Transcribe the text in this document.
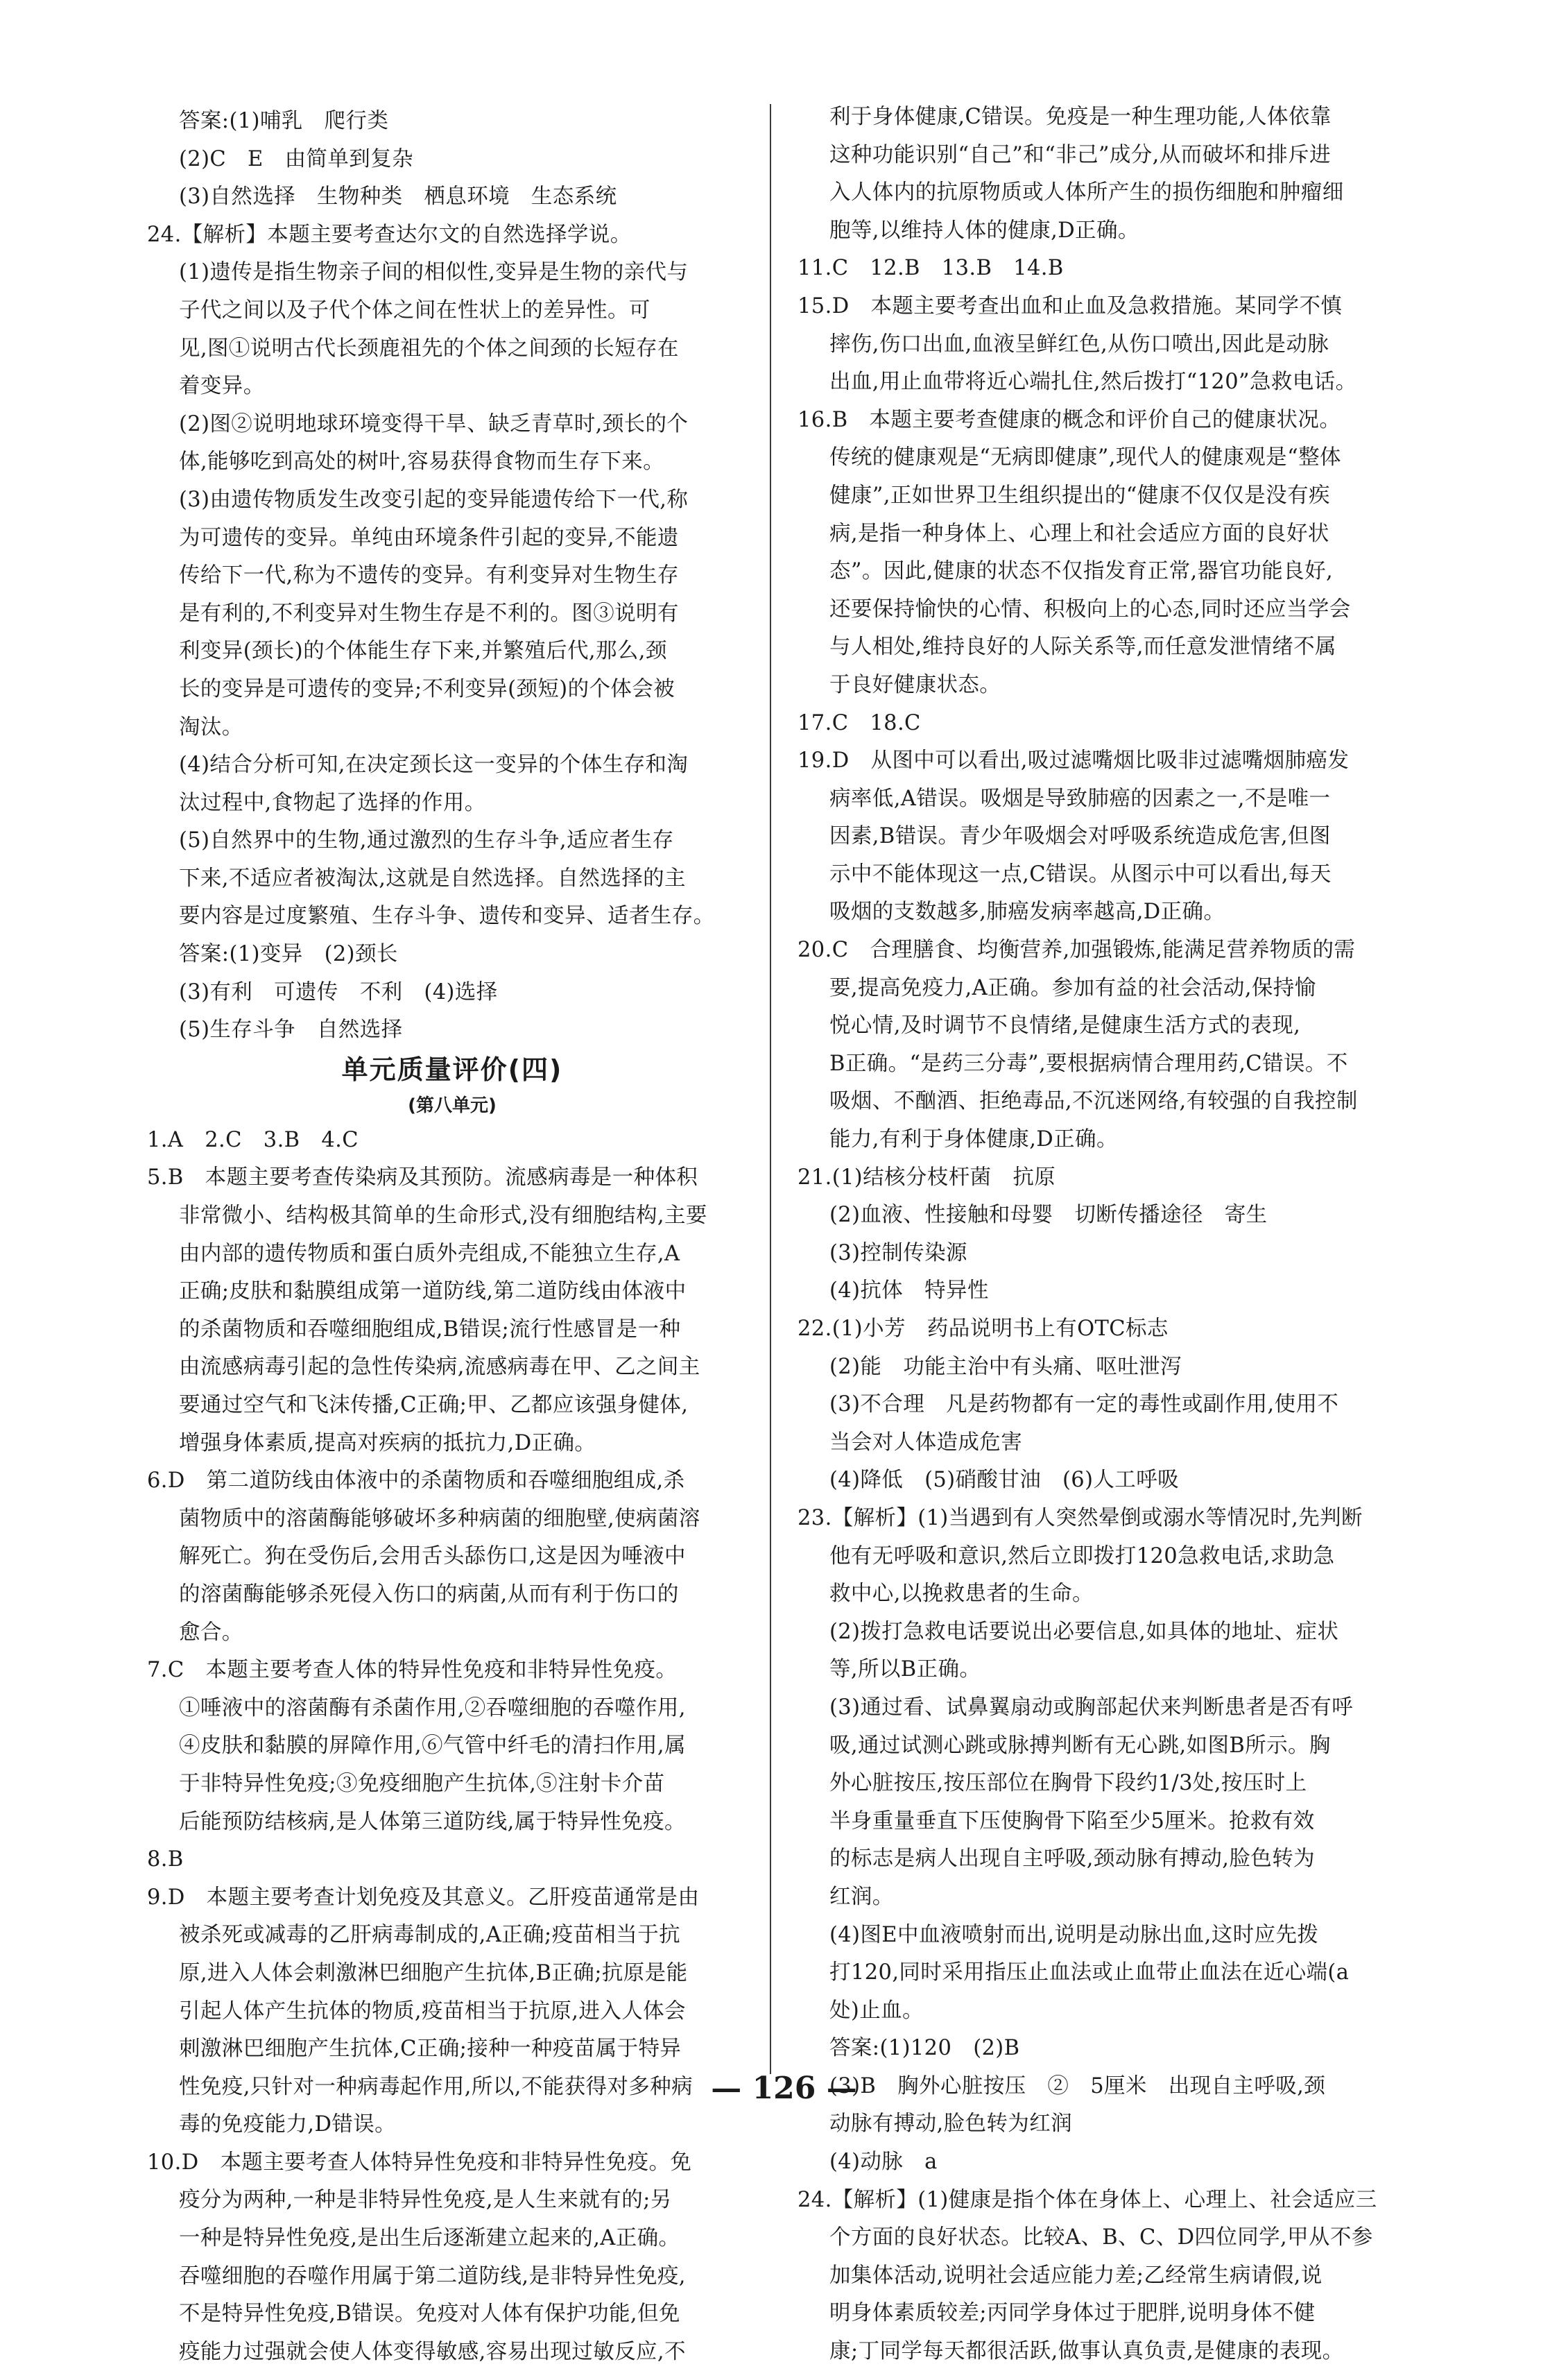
答案:(1)哺乳　爬行类
(2)C　E　由简单到复杂
(3)自然选择　生物种类　栖息环境　生态系统
24.【解析】本题主要考查达尔文的自然选择学说。
(1)遗传是指生物亲子间的相似性,变异是生物的亲代与
子代之间以及子代个体之间在性状上的差异性。可
见,图①说明古代长颈鹿祖先的个体之间颈的长短存在
着变异。
(2)图②说明地球环境变得干旱、缺乏青草时,颈长的个
体,能够吃到高处的树叶,容易获得食物而生存下来。
(3)由遗传物质发生改变引起的变异能遗传给下一代,称
为可遗传的变异。单纯由环境条件引起的变异,不能遗
传给下一代,称为不遗传的变异。有利变异对生物生存
是有利的,不利变异对生物生存是不利的。图③说明有
利变异(颈长)的个体能生存下来,并繁殖后代,那么,颈
长的变异是可遗传的变异;不利变异(颈短)的个体会被
淘汰。
(4)结合分析可知,在决定颈长这一变异的个体生存和淘
汰过程中,食物起了选择的作用。
(5)自然界中的生物,通过激烈的生存斗争,适应者生存
下来,不适应者被淘汰,这就是自然选择。自然选择的主
要内容是过度繁殖、生存斗争、遗传和变异、适者生存。
答案:(1)变异　(2)颈长
(3)有利　可遗传　不利　(4)选择
(5)生存斗争　自然选择
单元质量评价(四)
(第八单元)
1.A　2.C　3.B　4.C
5.B　本题主要考查传染病及其预防。流感病毒是一种体积
非常微小、结构极其简单的生命形式,没有细胞结构,主要
由内部的遗传物质和蛋白质外壳组成,不能独立生存,A
正确;皮肤和黏膜组成第一道防线,第二道防线由体液中
的杀菌物质和吞噬细胞组成,B错误;流行性感冒是一种
由流感病毒引起的急性传染病,流感病毒在甲、乙之间主
要通过空气和飞沫传播,C正确;甲、乙都应该强身健体,
增强身体素质,提高对疾病的抵抗力,D正确。
6.D　第二道防线由体液中的杀菌物质和吞噬细胞组成,杀
菌物质中的溶菌酶能够破坏多种病菌的细胞壁,使病菌溶
解死亡。狗在受伤后,会用舌头舔伤口,这是因为唾液中
的溶菌酶能够杀死侵入伤口的病菌,从而有利于伤口的
愈合。
7.C　本题主要考查人体的特异性免疫和非特异性免疫。
①唾液中的溶菌酶有杀菌作用,②吞噬细胞的吞噬作用,
④皮肤和黏膜的屏障作用,⑥气管中纤毛的清扫作用,属
于非特异性免疫;③免疫细胞产生抗体,⑤注射卡介苗
后能预防结核病,是人体第三道防线,属于特异性免疫。
8.B
9.D　本题主要考查计划免疫及其意义。乙肝疫苗通常是由
被杀死或减毒的乙肝病毒制成的,A正确;疫苗相当于抗
原,进入人体会刺激淋巴细胞产生抗体,B正确;抗原是能
引起人体产生抗体的物质,疫苗相当于抗原,进入人体会
刺激淋巴细胞产生抗体,C正确;接种一种疫苗属于特异
性免疫,只针对一种病毒起作用,所以,不能获得对多种病
毒的免疫能力,D错误。
10.D　本题主要考查人体特异性免疫和非特异性免疫。免
疫分为两种,一种是非特异性免疫,是人生来就有的;另
一种是特异性免疫,是出生后逐渐建立起来的,A正确。
吞噬细胞的吞噬作用属于第二道防线,是非特异性免疫,
不是特异性免疫,B错误。免疫对人体有保护功能,但免
疫能力过强就会使人体变得敏感,容易出现过敏反应,不
利于身体健康,C错误。免疫是一种生理功能,人体依靠
这种功能识别“自己”和“非己”成分,从而破坏和排斥进
入人体内的抗原物质或人体所产生的损伤细胞和肿瘤细
胞等,以维持人体的健康,D正确。
11.C　12.B　13.B　14.B
15.D　本题主要考查出血和止血及急救措施。某同学不慎
摔伤,伤口出血,血液呈鲜红色,从伤口喷出,因此是动脉
出血,用止血带将近心端扎住,然后拨打“120”急救电话。
16.B　本题主要考查健康的概念和评价自己的健康状况。
传统的健康观是“无病即健康”,现代人的健康观是“整体
健康”,正如世界卫生组织提出的“健康不仅仅是没有疾
病,是指一种身体上、心理上和社会适应方面的良好状
态”。因此,健康的状态不仅指发育正常,器官功能良好,
还要保持愉快的心情、积极向上的心态,同时还应当学会
与人相处,维持良好的人际关系等,而任意发泄情绪不属
于良好健康状态。
17.C　18.C
19.D　从图中可以看出,吸过滤嘴烟比吸非过滤嘴烟肺癌发
病率低,A错误。吸烟是导致肺癌的因素之一,不是唯一
因素,B错误。青少年吸烟会对呼吸系统造成危害,但图
示中不能体现这一点,C错误。从图示中可以看出,每天
吸烟的支数越多,肺癌发病率越高,D正确。
20.C　合理膳食、均衡营养,加强锻炼,能满足营养物质的需
要,提高免疫力,A正确。参加有益的社会活动,保持愉
悦心情,及时调节不良情绪,是健康生活方式的表现,
B正确。“是药三分毒”,要根据病情合理用药,C错误。不
吸烟、不酗酒、拒绝毒品,不沉迷网络,有较强的自我控制
能力,有利于身体健康,D正确。
21.(1)结核分枝杆菌　抗原
(2)血液、性接触和母婴　切断传播途径　寄生
(3)控制传染源
(4)抗体　特异性
22.(1)小芳　药品说明书上有OTC标志
(2)能　功能主治中有头痛、呕吐泄泻
(3)不合理　凡是药物都有一定的毒性或副作用,使用不
当会对人体造成危害
(4)降低　(5)硝酸甘油　(6)人工呼吸
23.【解析】(1)当遇到有人突然晕倒或溺水等情况时,先判断
他有无呼吸和意识,然后立即拨打120急救电话,求助急
救中心,以挽救患者的生命。
(2)拨打急救电话要说出必要信息,如具体的地址、症状
等,所以B正确。
(3)通过看、试鼻翼扇动或胸部起伏来判断患者是否有呼
吸,通过试测心跳或脉搏判断有无心跳,如图B所示。胸
外心脏按压,按压部位在胸骨下段约1/3处,按压时上
半身重量垂直下压使胸骨下陷至少5厘米。抢救有效
的标志是病人出现自主呼吸,颈动脉有搏动,脸色转为
红润。
(4)图E中血液喷射而出,说明是动脉出血,这时应先拨
打120,同时采用指压止血法或止血带止血法在近心端(a
处)止血。
答案:(1)120　(2)B
(3)B　胸外心脏按压　②　5厘米　出现自主呼吸,颈
动脉有搏动,脸色转为红润
(4)动脉　a
24.【解析】(1)健康是指个体在身体上、心理上、社会适应三
个方面的良好状态。比较A、B、C、D四位同学,甲从不参
加集体活动,说明社会适应能力差;乙经常生病请假,说
明身体素质较差;丙同学身体过于肥胖,说明身体不健
康;丁同学每天都很活跃,做事认真负责,是健康的表现。
— 126 —
